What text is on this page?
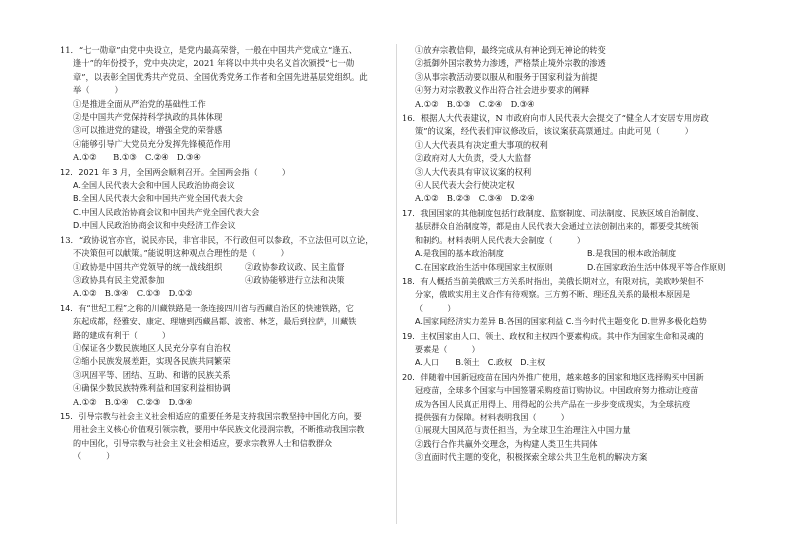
11．“七一勋章”由党中央设立，是党内最高荣誉，一般在中国共产党成立“逢五、
逢十”的年份授予，党中央决定，2021 年将以中共中央名义首次颁授“七一勋
章”，以表彰全国优秀共产党员、全国优秀党务工作者和全国先进基层党组织。此
举（　　　）
①是推进全面从严治党的基础性工作
②是中国共产党保持科学执政的具体体现
③可以推进党的建设，增强全党的荣誉感
④能够引导广大党员充分发挥先锋模范作用
A.①②　　B.①③　C.②④　D.③④
12．2021 年 3 月，全国两会顺利召开。全国两会指（　　　）
A.全国人民代表大会和中国人民政治协商会议
B.全国人民代表大会和中国共产党全国代表大会
C.中国人民政治协商会议和中国共产党全国代表大会
D.中国人民政治协商会议和中央经济工作会议
13．“政协说官亦官，说民亦民，非官非民，不行政但可以参政，不立法但可以立论，
不决策但可以献策。”能说明这种观点合理性的是（　　　）
①政协是中国共产党领导的统一战线组织	②政协参政议政、民主监督
③政协具有民主党派参加	④政协能够进行立法和决策
A.①②　B.③④　C.①③　D.①②
14．有“世纪工程”之称的川藏铁路是一条连接四川省与西藏自治区的快速铁路，它
东起成都，经雅安、康定、理塘到西藏昌都、波密、林芝，最后到拉萨，川藏铁
路的建成有利于（　　　）
①保证各少数民族地区人民充分享有自治权
②缩小民族发展差距，实现各民族共同繁荣
③巩固平等、团结、互助、和谐的民族关系
④确保少数民族特殊利益和国家利益相协调
A.①②　B.①④　C.②③　D.③④
15．引导宗教与社会主义社会相适应的重要任务是支持我国宗教坚持中国化方向，要
用社会主义核心价值观引领宗教，要用中华民族文化浸润宗教，不断推动我国宗教
的中国化，引导宗教与社会主义社会相适应，要求宗教界人士和信教群众
（　　　）
①放弃宗教信仰，最终完成从有神论到无神论的转变
②抵御外国宗教势力渗透，严格禁止境外宗教的渗透
③从事宗教活动要以服从和服务于国家利益为前提
④努力对宗教教义作出符合社会进步要求的阐释
A.①②　B.①③　C.②④　D.③④
16．根据人大代表建议，N 市政府向市人民代表大会提交了“健全人才安居专用房政
策”的议案，经代表们审议修改后，该议案获高票通过。由此可见（　　　）
①人大代表具有决定重大事项的权利
②政府对人大负责，受人大监督
③人大代表具有审议议案的权利
④人民代表大会行使决定权
A.①②　B.②③　C.③④　D.②④
17．我国国家的其他制度包括行政制度、监察制度、司法制度、民族区域自治制度、
基层群众自治制度等，都是由人民代表大会通过立法创制出来的，都要受其统领
和制约。材料表明人民代表大会制度（　　　）
A.是我国的基本政治制度	B.是我国的根本政治制度
C.在国家政治生活中体现国家主权原则	D.在国家政治生活中体现平等合作原则
18．有人概括当前美俄欧三方关系时指出，美俄长期对立，有限对抗，美欧吵架但不
分家，俄欧实用主义合作有待观察。三方剪不断、理还乱关系的最根本原因是
（　　　）
A.国家间经济实力差异 B.各国的国家利益 C.当今时代主题变化 D.世界多极化趋势
19．主权国家由人口、领土、政权和主权四个要素构成。其中作为国家生命和灵魂的
要素是（　　　）
A.人口　　B.领土　C.政权　D.主权
20．伴随着中国新冠疫苗在国内外推广使用，越来越多的国家和地区选择购买中国新
冠疫苗，全球多个国家与中国签署采购疫苗订购协议。中国政府努力推动让疫苗
成为各国人民真正用得上、用得起的公共产品在一步步变成现实，为全球抗疫
提供强有力保障。材料表明我国（　　　）
①展现大国风范与责任担当，为全球卫生治理注入中国力量
②践行合作共赢外交理念，为构建人类卫生共同体
③直面时代主题的变化，积极探索全球公共卫生危机的解决方案
